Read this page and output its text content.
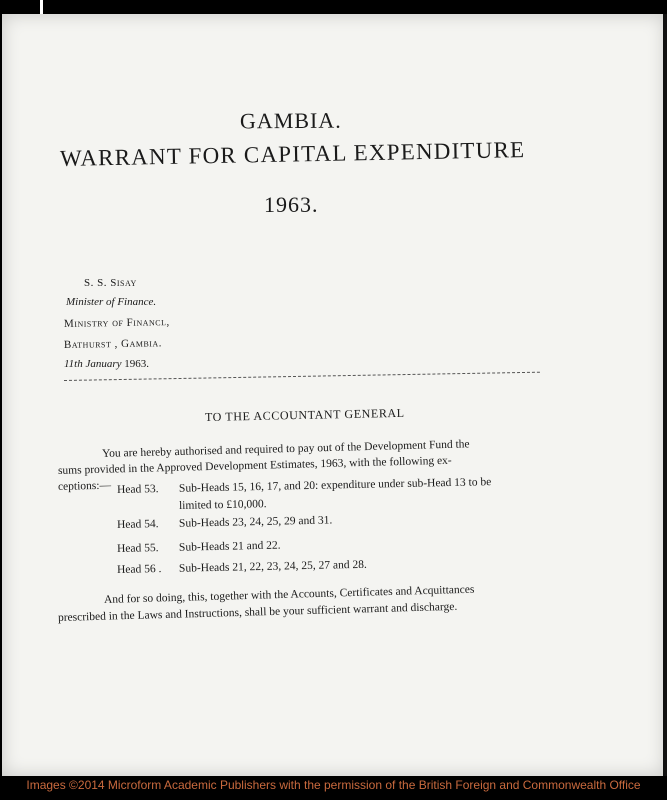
GAMBIA.
WARRANT FOR CAPITAL EXPENDITURE
1963.
S. S. Sisay
Minister of Finance.
Ministry of Financl,
Bathurst , Gambia.
11th January 1963.
TO THE ACCOUNTANT GENERAL
You are hereby authorised and required to pay out of the Development Fund the
sums provided in the Approved Development Estimates, 1963, with the following ex-
ceptions:— Head 53. Sub-Heads 15, 16, 17, and 20: expenditure under sub-Head 13 to be
limited to £10,000.
Head 54. Sub-Heads 23, 24, 25, 29 and 31.
Head 55. Sub-Heads 21 and 22.
Head 56 . Sub-Heads 21, 22, 23, 24, 25, 27 and 28.
And for so doing, this, together with the Accounts, Certificates and Acquittances
prescribed in the Laws and Instructions, shall be your sufficient warrant and discharge.
Images ©2014 Microform Academic Publishers with the permission of the British Foreign and Commonwealth Office
